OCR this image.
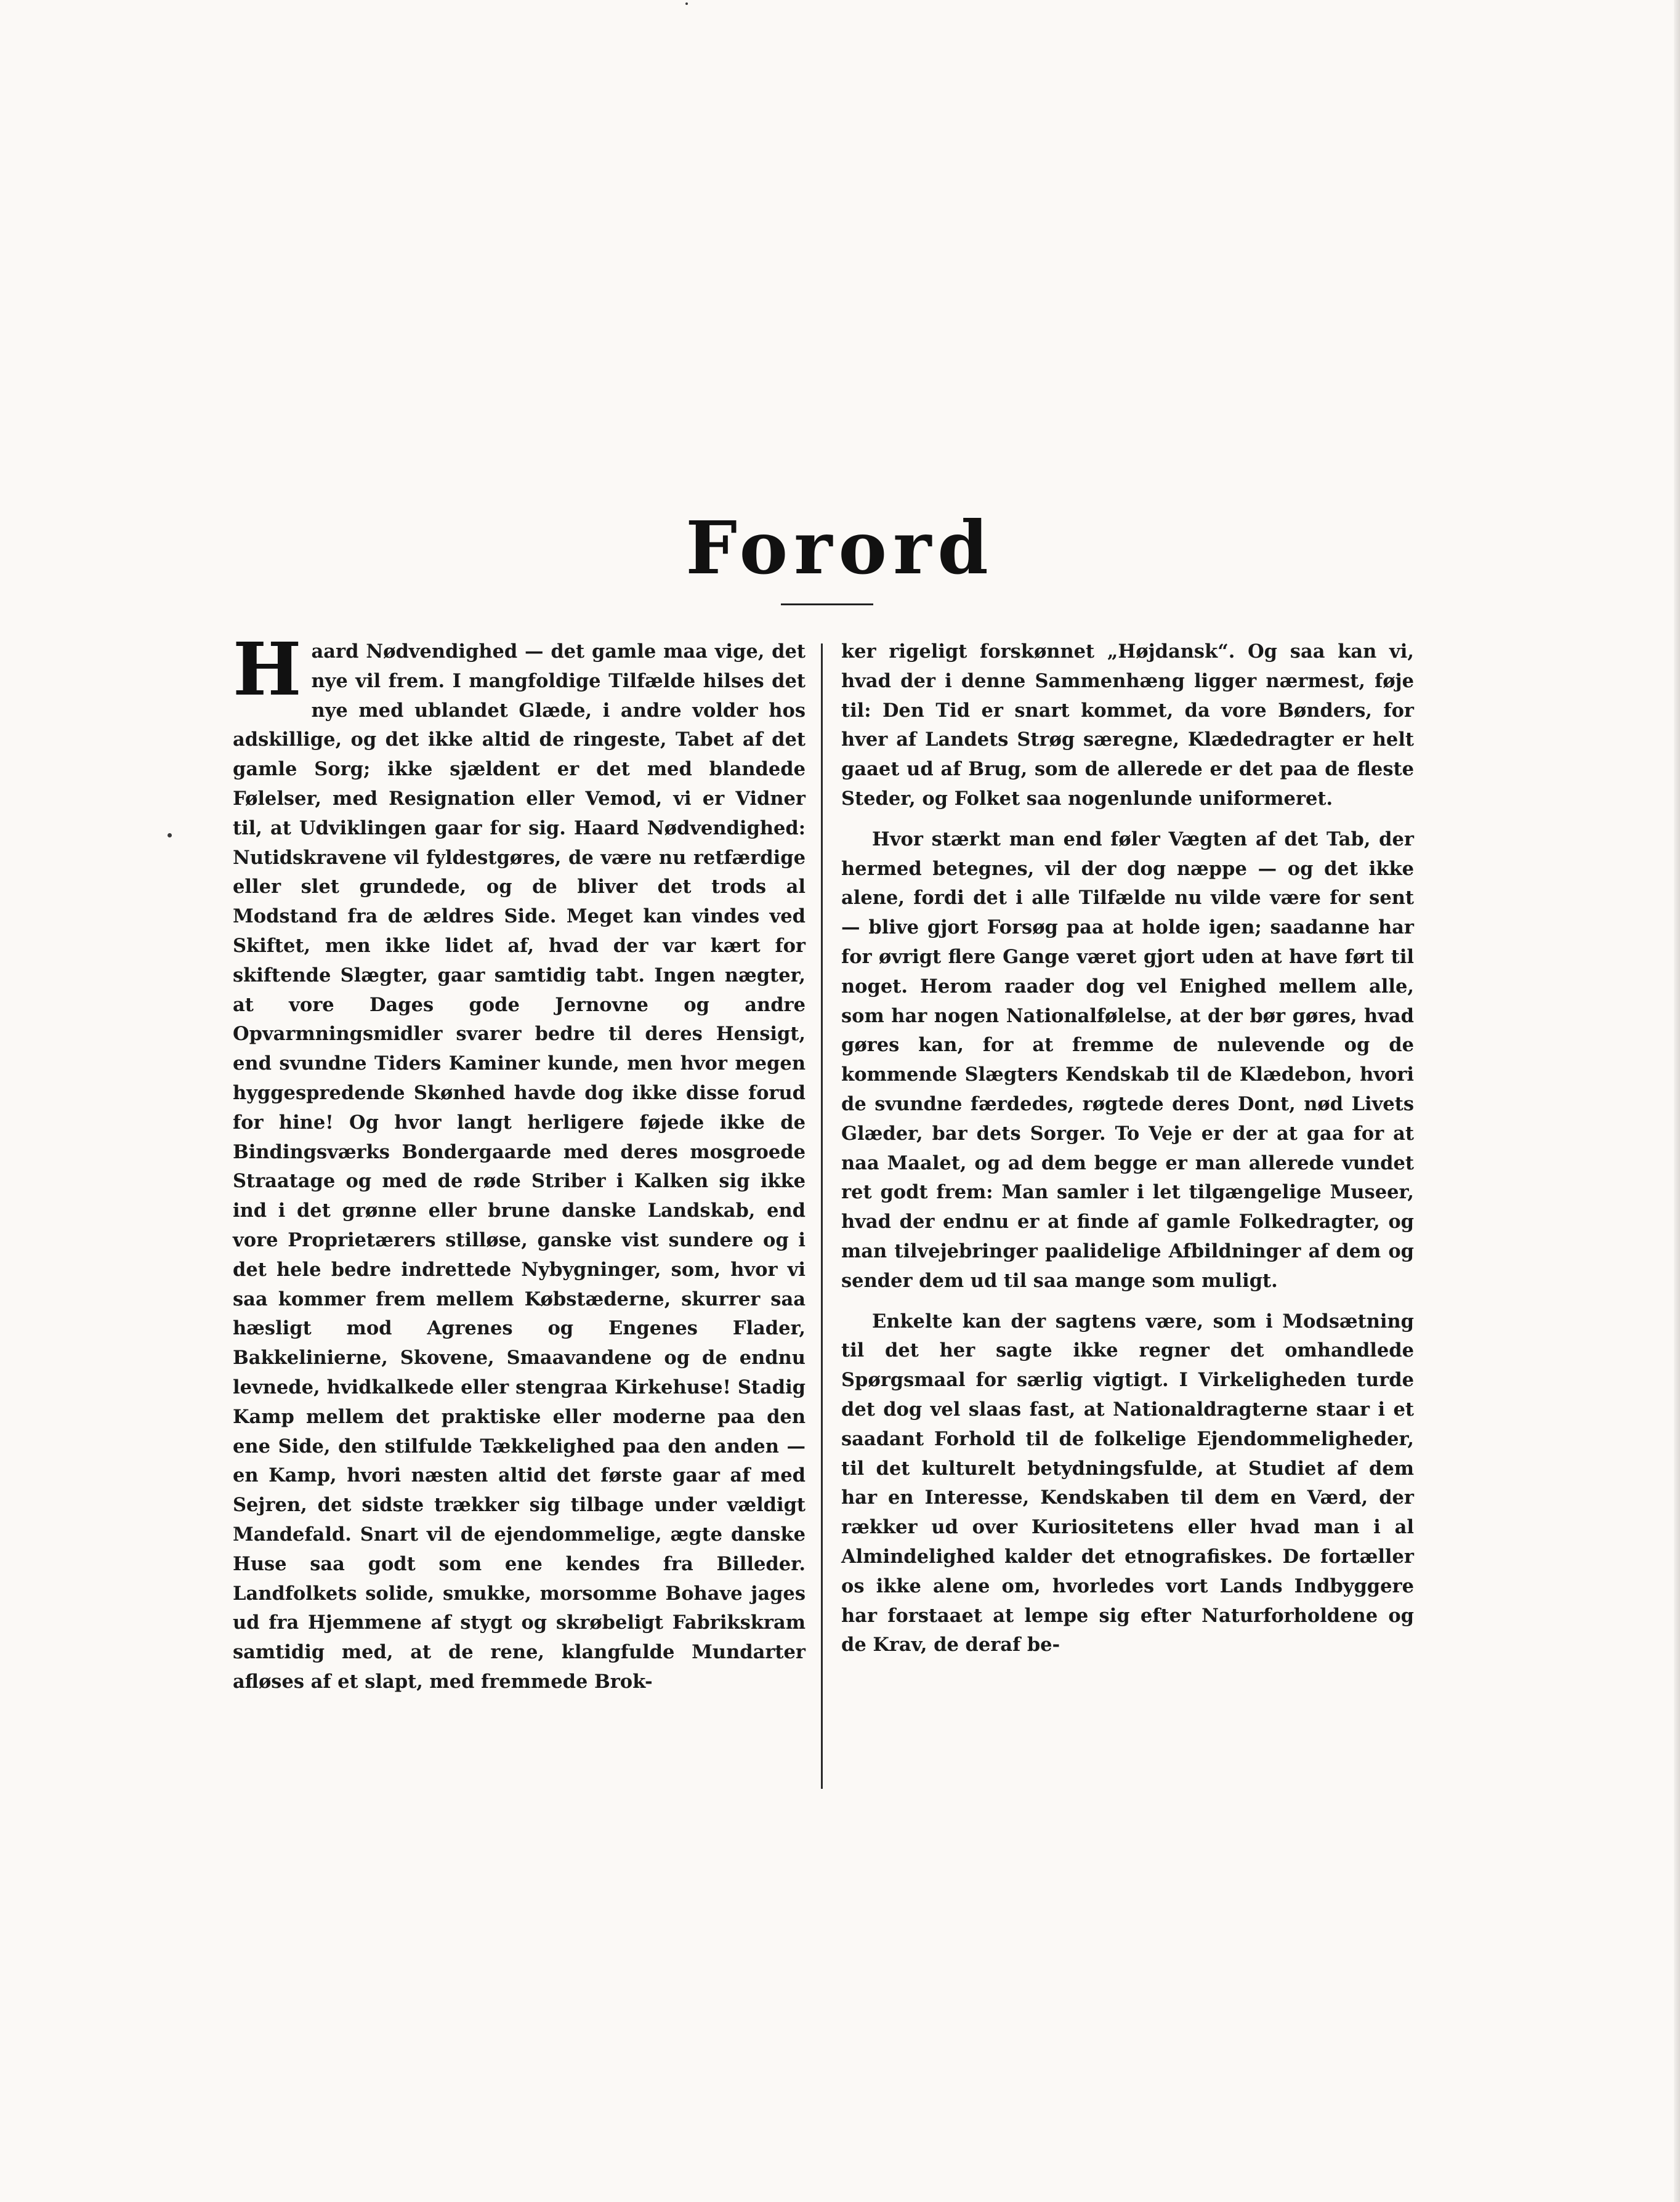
Forord

Haard Nødvendighed — det gamle maa vige, det nye vil frem. I mangfoldige Tilfælde hilses det nye med ublandet Glæde, i andre volder hos adskillige, og det ikke altid de ringeste, Tabet af det gamle Sorg; ikke sjældent er det med blandede Følelser, med Resignation eller Vemod, vi er Vidner til, at Udviklingen gaar for sig. Haard Nødvendighed: Nutidskravene vil fyldestgøres, de være nu retfærdige eller slet grundede, og de bliver det trods al Modstand fra de ældres Side. Meget kan vindes ved Skiftet, men ikke lidet af, hvad der var kært for skiftende Slægter, gaar samtidig tabt. Ingen nægter, at vore Dages gode Jernovne og andre Opvarmningsmidler svarer bedre til deres Hensigt, end svundne Tiders Kaminer kunde, men hvor megen hyggespredende Skønhed havde dog ikke disse forud for hine! Og hvor langt herligere føjede ikke de Bindingsværks Bondergaarde med deres mosgroede Straatage og med de røde Striber i Kalken sig ikke ind i det grønne eller brune danske Landskab, end vore Proprietærers stilløse, ganske vist sundere og i det hele bedre indrettede Nybygninger, som, hvor vi saa kommer frem mellem Købstæderne, skurrer saa hæsligt mod Agrenes og Engenes Flader, Bakkelinierne, Skovene, Smaavandene og de endnu levnede, hvidkalkede eller stengraa Kirkehuse! Stadig Kamp mellem det praktiske eller moderne paa den ene Side, den stilfulde Tækkelighed paa den anden — en Kamp, hvori næsten altid det første gaar af med Sejren, det sidste trækker sig tilbage under vældigt Mandefald. Snart vil de ejendommelige, ægte danske Huse saa godt som ene kendes fra Billeder. Landfolkets solide, smukke, morsomme Bohave jages ud fra Hjemmene af stygt og skrøbeligt Fabrikskram samtidig med, at de rene, klangfulde Mundarter afløses af et slapt, med fremmede Brok-

ker rigeligt forskønnet „Højdansk“. Og saa kan vi, hvad der i denne Sammenhæng ligger nærmest, føje til: Den Tid er snart kommet, da vore Bønders, for hver af Landets Strøg særegne, Klædedragter er helt gaaet ud af Brug, som de allerede er det paa de fleste Steder, og Folket saa nogenlunde uniformeret.

Hvor stærkt man end føler Vægten af det Tab, der hermed betegnes, vil der dog næppe — og det ikke alene, fordi det i alle Tilfælde nu vilde være for sent — blive gjort Forsøg paa at holde igen; saadanne har for øvrigt flere Gange været gjort uden at have ført til noget. Herom raader dog vel Enighed mellem alle, som har nogen Nationalfølelse, at der bør gøres, hvad gøres kan, for at fremme de nulevende og de kommende Slægters Kendskab til de Klædebon, hvori de svundne færdedes, røgtede deres Dont, nød Livets Glæder, bar dets Sorger. To Veje er der at gaa for at naa Maalet, og ad dem begge er man allerede vundet ret godt frem: Man samler i let tilgængelige Museer, hvad der endnu er at finde af gamle Folkedragter, og man tilvejebringer paalidelige Afbildninger af dem og sender dem ud til saa mange som muligt.

Enkelte kan der sagtens være, som i Modsætning til det her sagte ikke regner det omhandlede Spørgsmaal for særlig vigtigt. I Virkeligheden turde det dog vel slaas fast, at Nationaldragterne staar i et saadant Forhold til de folkelige Ejendommeligheder, til det kulturelt betydningsfulde, at Studiet af dem har en Interesse, Kendskaben til dem en Værd, der rækker ud over Kuriositetens eller hvad man i al Almindelighed kalder det etnografiskes. De fortæller os ikke alene om, hvorledes vort Lands Indbyggere har forstaaet at lempe sig efter Naturforholdene og de Krav, de deraf be-
